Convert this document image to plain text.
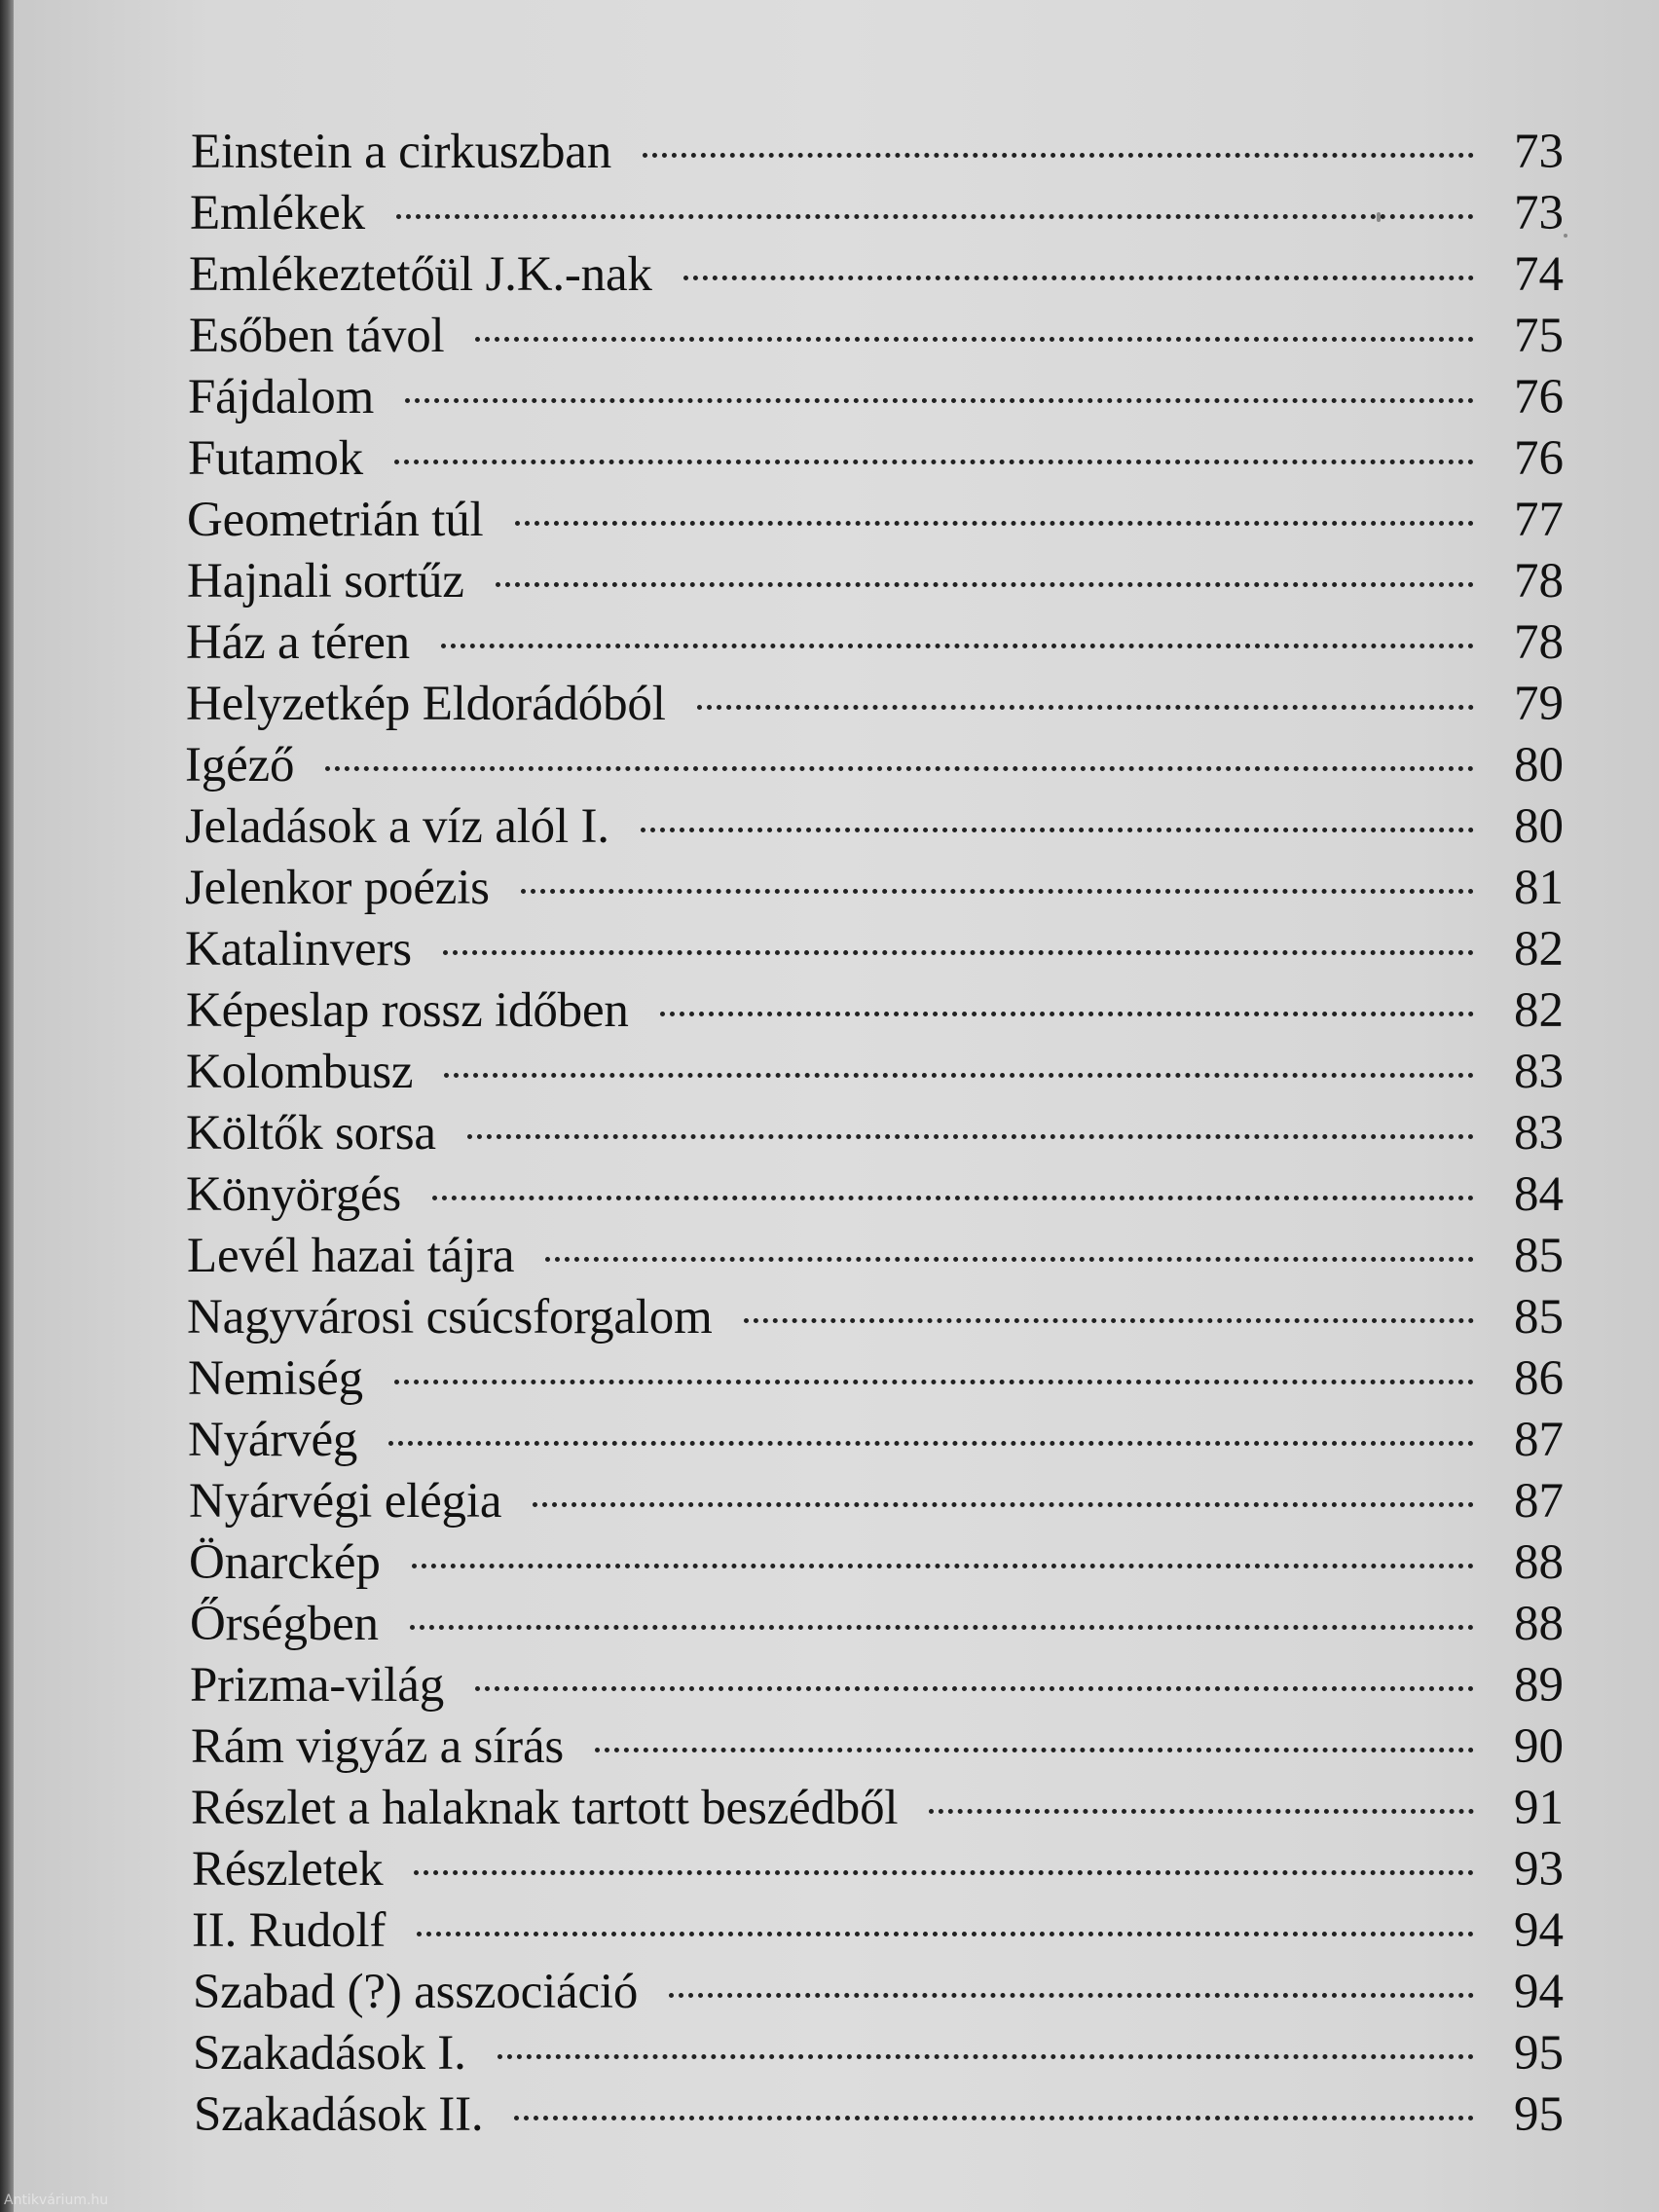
Einstein a cirkuszban	73
Emlékek	73
Emlékeztetőül J.K.-nak	74
Esőben távol	75
Fájdalom	76
Futamok	76
Geometrián túl	77
Hajnali sortűz	78
Ház a téren	78
Helyzetkép Eldorádóból	79
Igéző	80
Jeladások a víz alól I.	80
Jelenkor poézis	81
Katalinvers	82
Képeslap rossz időben	82
Kolombusz	83
Költők sorsa	83
Könyörgés	84
Levél hazai tájra	85
Nagyvárosi csúcsforgalom	85
Nemiség	86
Nyárvég	87
Nyárvégi elégia	87
Önarckép	88
Őrségben	88
Prizma-világ	89
Rám vigyáz a sírás	90
Részlet a halaknak tartott beszédből	91
Részletek	93
II. Rudolf	94
Szabad (?) asszociáció	94
Szakadások I.	95
Szakadások II.	95
Antikvárium.hu
